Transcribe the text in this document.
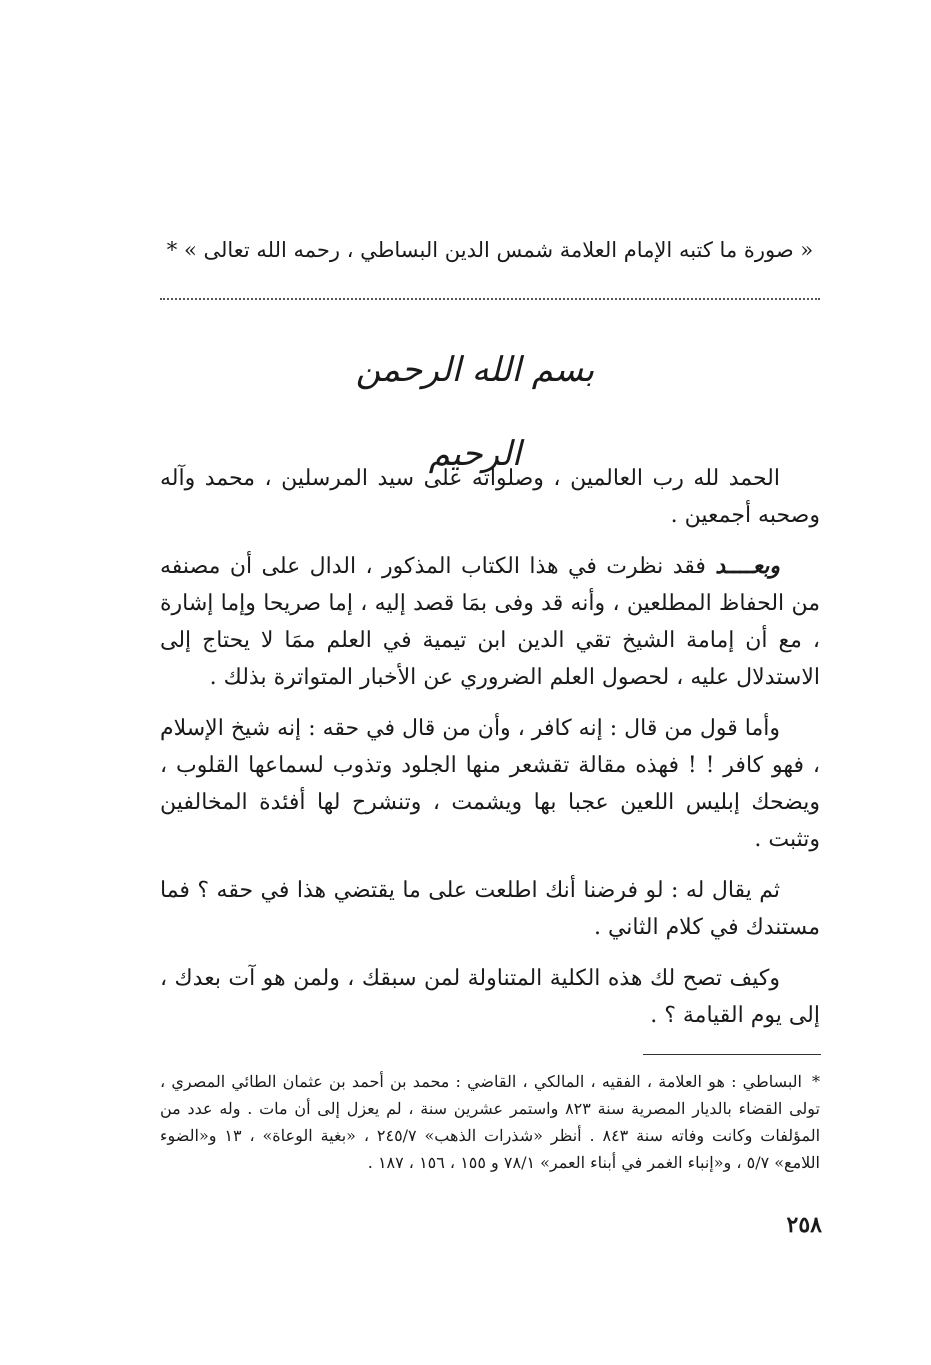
« صورة ما كتبه الإمام العلامة شمس الدين البساطي ، رحمه الله تعالى » *
بسم الله الرحمن الرحيم

الحمد لله رب العالمين ، وصلواته على سيد المرسلين ، محمد وآله وصحبه أجمعين .

وبعــــد فقد نظرت في هذا الكتاب المذكور ، الدال على أن مصنفه من الحفاظ المطلعين ، وأنه قد وفى بمَا قصد إليه ، إما صريحا وإما إشارة ، مع أن إمامة الشيخ تقي الدين ابن تيمية في العلم ممَا لا يحتاج إلى الاستدلال عليه ، لحصول العلم الضروري عن الأخبار المتواترة بذلك .

وأما قول من قال : إنه كافر ، وأن من قال في حقه : إنه شيخ الإسلام ، فهو كافر ! ! فهذه مقالة تقشعر منها الجلود وتذوب لسماعها القلوب ، ويضحك إبليس اللعين عجبا بها ويشمت ، وتنشرح لها أفئدة المخالفين وتثبت .

ثم يقال له : لو فرضنا أنك اطلعت على ما يقتضي هذا في حقه ؟ فما مستندك في كلام الثاني .

وكيف تصح لك هذه الكلية المتناولة لمن سبقك ، ولمن هو آت بعدك ، إلى يوم القيامة ؟ .

*البساطي : هو العلامة ، الفقيه ، المالكي ، القاضي : محمد بن أحمد بن عثمان الطائي المصري ، تولى القضاء بالديار المصرية سنة ٨٢٣ واستمر عشرين سنة ، لم يعزل إلى أن مات . وله عدد من المؤلفات وكانت وفاته سنة ٨٤٣ . أنظر «شذرات الذهب» ٢٤٥/٧ ، «بغية الوعاة» ، ١٣ و«الضوء اللامع» ٥/٧ ، و«إنباء الغمر في أبناء العمر» ٧٨/١ و ١٥٥ ، ١٥٦ ، ١٨٧ .
٢٥٨
